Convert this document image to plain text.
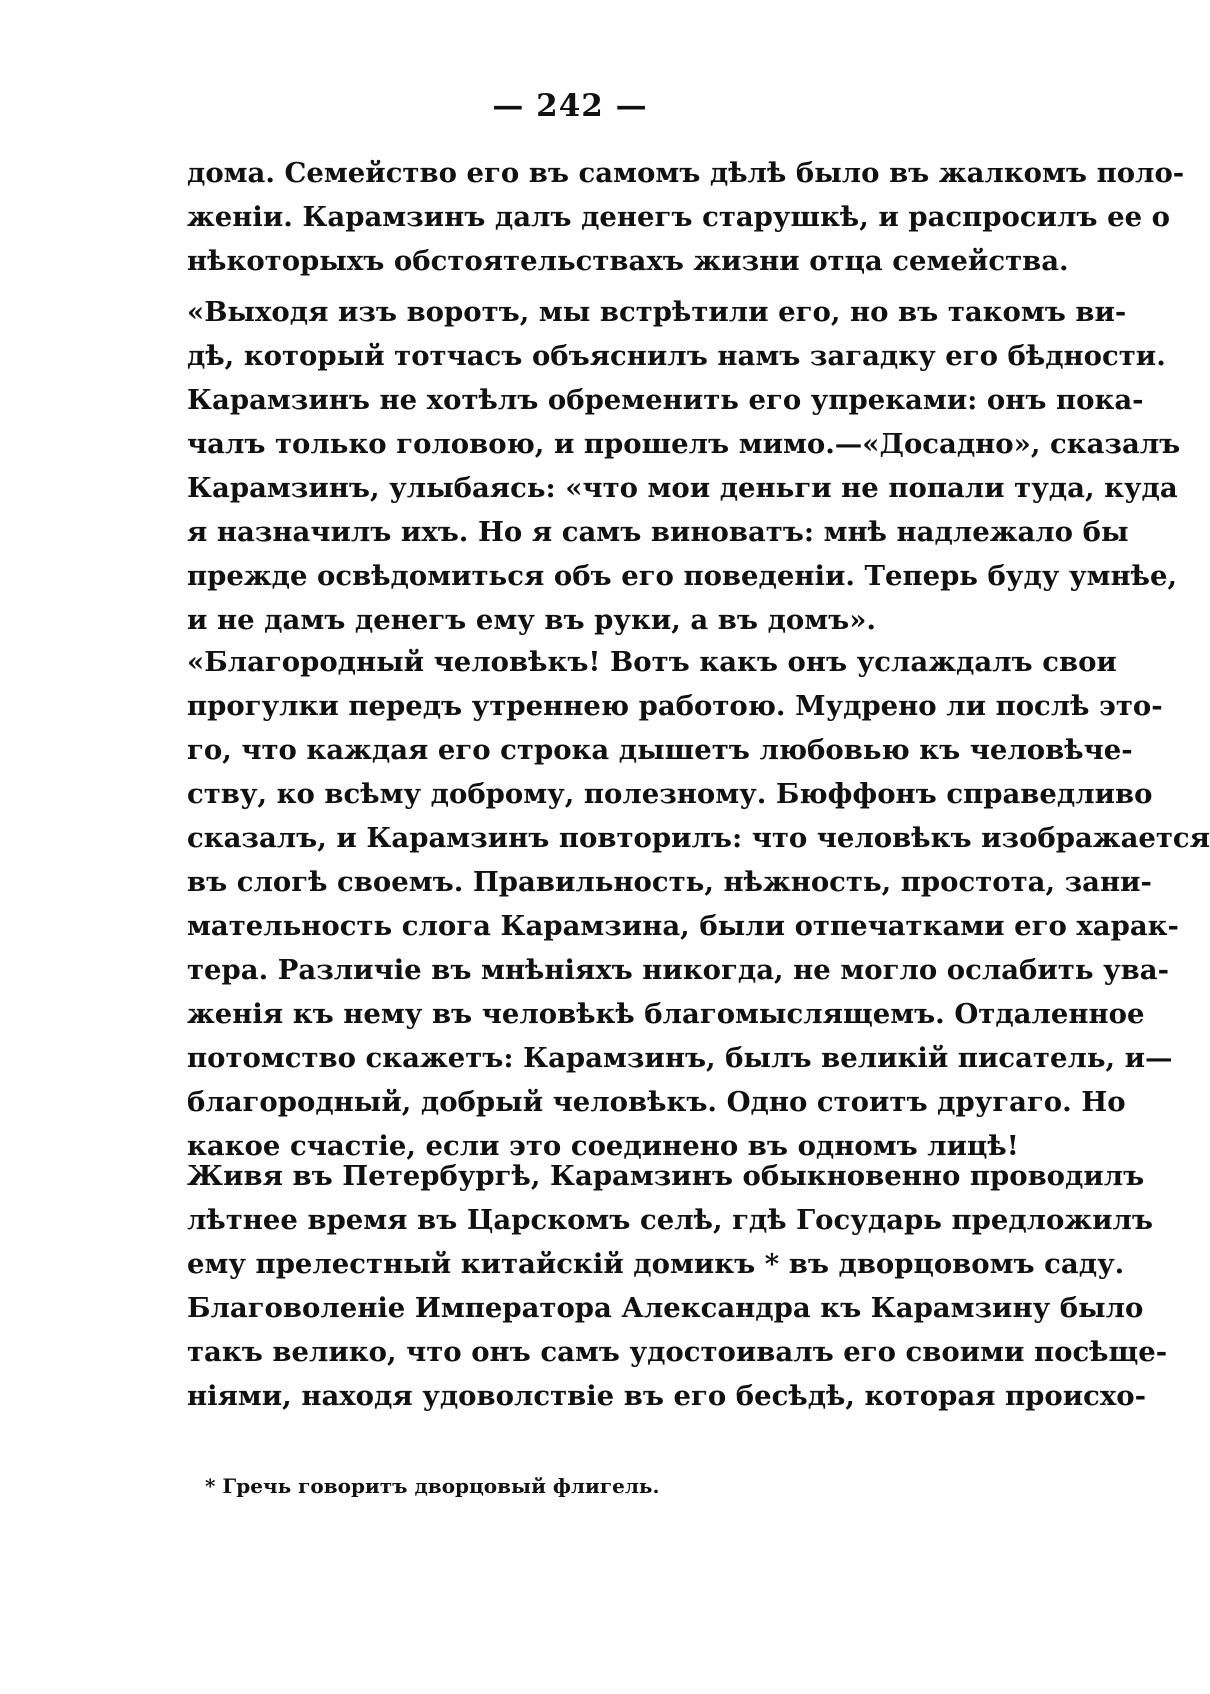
— 242 —
дома. Семейство его въ самомъ дѣлѣ было въ жалкомъ поло-
женіи. Карамзинъ далъ денегъ старушкѣ, и распросилъ ее о
нѣкоторыхъ обстоятельствахъ жизни отца семейства.
«Выходя изъ воротъ, мы встрѣтили его, но въ такомъ ви-
дѣ, который тотчасъ объяснилъ намъ загадку его бѣдности.
Карамзинъ не хотѣлъ обременить его упреками: онъ пока-
чалъ только головою, и прошелъ мимо.—«Досадно», сказалъ
Карамзинъ, улыбаясь: «что мои деньги не попали туда, куда
я назначилъ ихъ. Но я самъ виноватъ: мнѣ надлежало бы
прежде освѣдомиться объ его поведеніи. Теперь буду умнѣе,
и не дамъ денегъ ему въ руки, а въ домъ».
«Благородный человѣкъ! Вотъ какъ онъ услаждалъ свои
прогулки передъ утреннею работою. Мудрено ли послѣ это-
го, что каждая его строка дышетъ любовью къ человѣче-
ству, ко всѣму доброму, полезному. Бюффонъ справедливо
сказалъ, и Карамзинъ повторилъ: что человѣкъ изображается
въ слогѣ своемъ. Правильность, нѣжность, простота, зани-
мательность слога Карамзина, были отпечатками его харак-
тера. Различіе въ мнѣніяхъ никогда, не могло ослабить ува-
женія къ нему въ человѣкѣ благомыслящемъ. Отдаленное
потомство скажетъ: Карамзинъ, былъ великій писатель, и—
благородный, добрый человѣкъ. Одно стоитъ другаго. Но
какое счастіе, если это соединено въ одномъ лицѣ!
Живя въ Петербургѣ, Карамзинъ обыкновенно проводилъ
лѣтнее время въ Царскомъ селѣ, гдѣ Государь предложилъ
ему прелестный китайскій домикъ * въ дворцовомъ саду.
Благоволеніе Императора Александра къ Карамзину было
такъ велико, что онъ самъ удостоивалъ его своими посѣще-
ніями, находя удоволствіе въ его бесѣдѣ, которая происхо-
* Гречь говоритъ дворцовый флигель.
